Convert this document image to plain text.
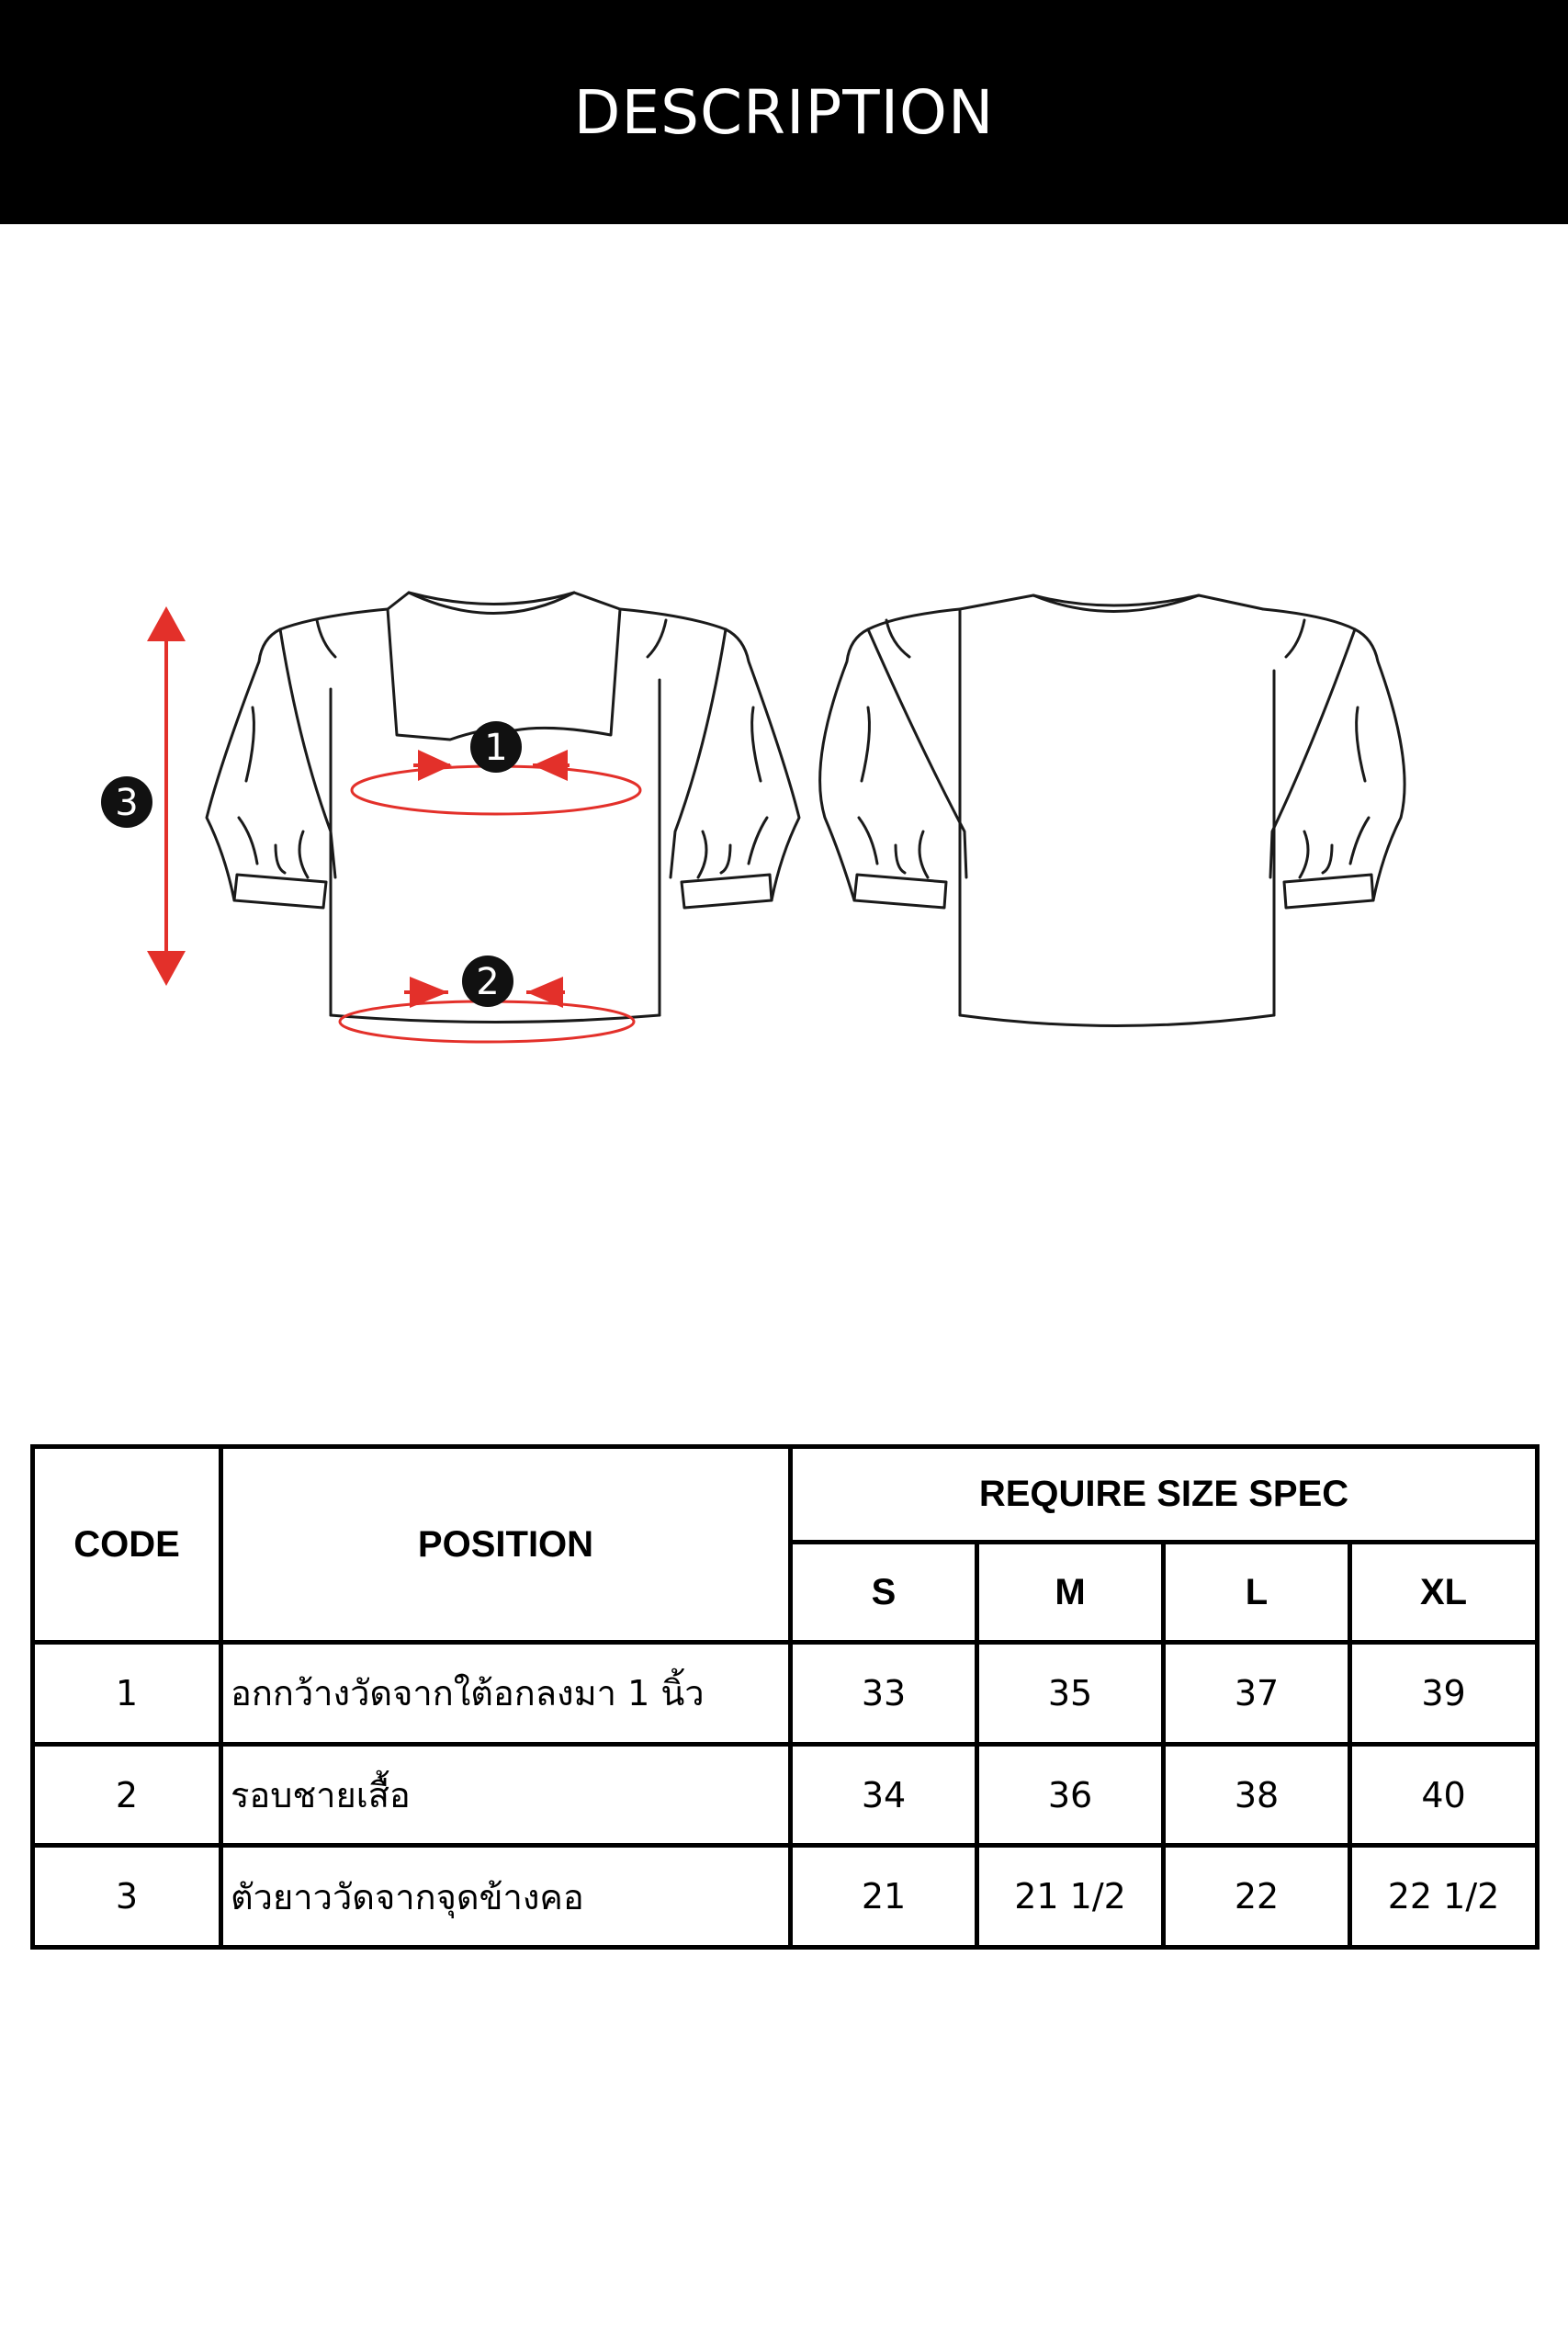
DESCRIPTION
1
2
3
CODE	POSITION	REQUIRE SIZE SPEC			
		S	M	L	XL
1	อกกว้างวัดจากใต้อกลงมา 1 นิ้ว	33	35	37	39
2	รอบชายเสื้อ	34	36	38	40
3	ตัวยาววัดจากจุดข้างคอ	21	21 1/2	22	22 1/2
